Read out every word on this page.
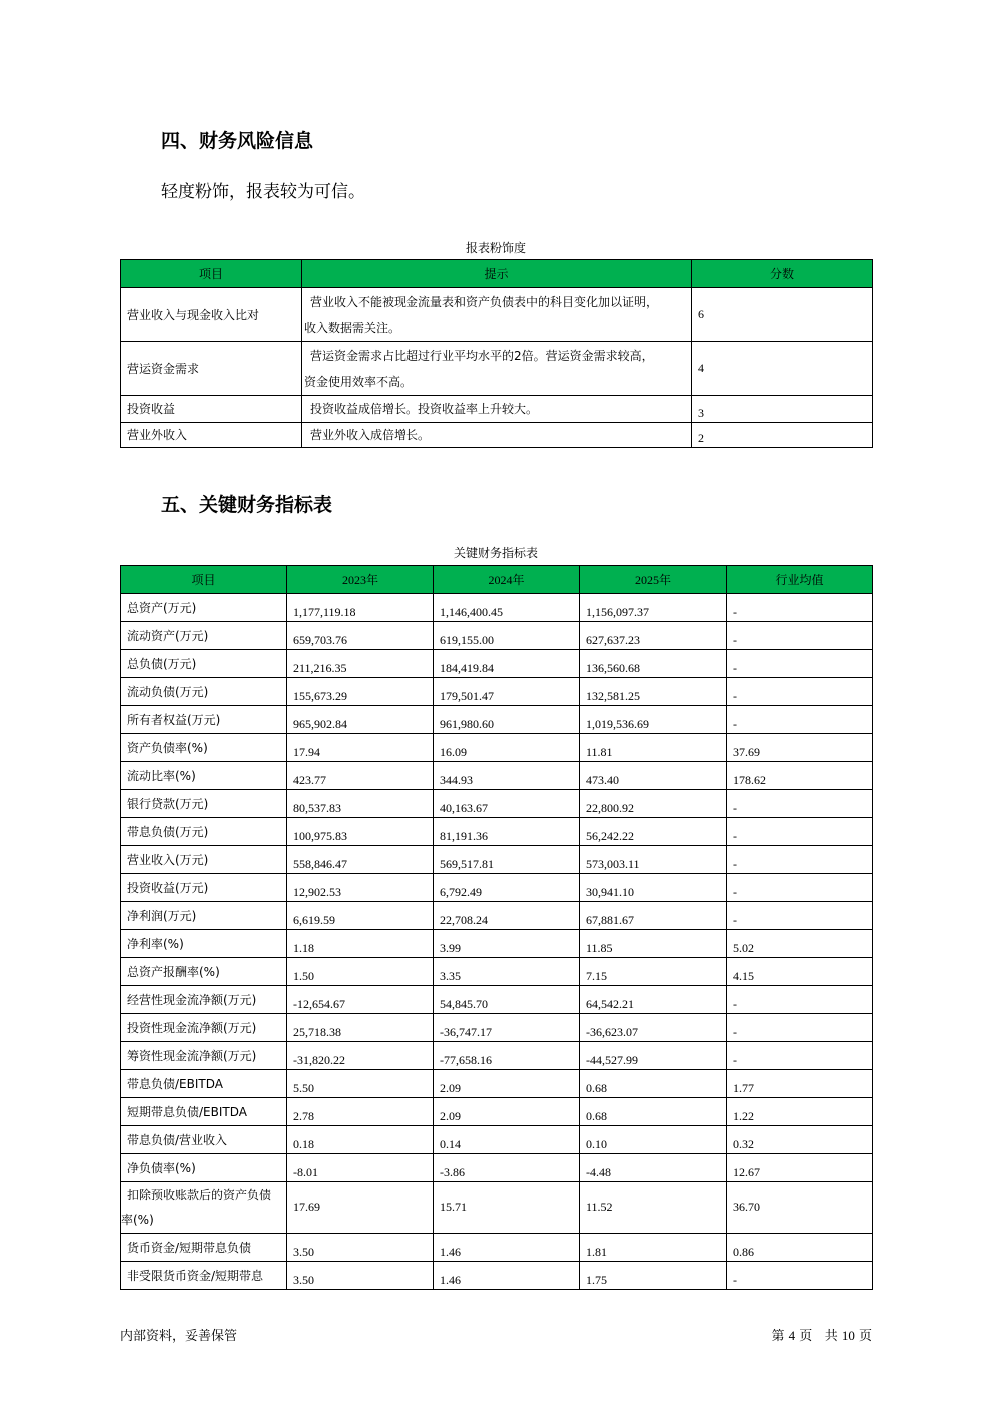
四、财务风险信息

轻度粉饰，报表较为可信。

报表粉饰度
项目	提示	分数
营业收入与现金收入比对	营业收入不能被现金流量表和资产负债表中的科目变化加以证明，
收入数据需关注。	6
营运资金需求	营运资金需求占比超过行业平均水平的2倍。营运资金需求较高，
资金使用效率不高。	4
投资收益	投资收益成倍增长。投资收益率上升较大。	3
营业外收入	营业外收入成倍增长。	2
五、关键财务指标表
关键财务指标表
项目	2023年	2024年	2025年	行业均值
总资产(万元)	1,177,119.18	1,146,400.45	1,156,097.37	-
流动资产(万元)	659,703.76	619,155.00	627,637.23	-
总负债(万元)	211,216.35	184,419.84	136,560.68	-
流动负债(万元)	155,673.29	179,501.47	132,581.25	-
所有者权益(万元)	965,902.84	961,980.60	1,019,536.69	-
资产负债率(%)	17.94	16.09	11.81	37.69
流动比率(%)	423.77	344.93	473.40	178.62
银行贷款(万元)	80,537.83	40,163.67	22,800.92	-
带息负债(万元)	100,975.83	81,191.36	56,242.22	-
营业收入(万元)	558,846.47	569,517.81	573,003.11	-
投资收益(万元)	12,902.53	6,792.49	30,941.10	-
净利润(万元)	6,619.59	22,708.24	67,881.67	-
净利率(%)	1.18	3.99	11.85	5.02
总资产报酬率(%)	1.50	3.35	7.15	4.15
经营性现金流净额(万元)	-12,654.67	54,845.70	64,542.21	-
投资性现金流净额(万元)	25,718.38	-36,747.17	-36,623.07	-
筹资性现金流净额(万元)	-31,820.22	-77,658.16	-44,527.99	-
带息负债/EBITDA	5.50	2.09	0.68	1.77
短期带息负债/EBITDA	2.78	2.09	0.68	1.22
带息负债/营业收入	0.18	0.14	0.10	0.32
净负债率(%)	-8.01	-3.86	-4.48	12.67

扣除预收账款后的资产负债
率(%)	17.69	15.71	11.52	36.70
货币资金/短期带息负债	3.50	1.46	1.81	0.86
非受限货币资金/短期带息	3.50	1.46	1.75	-
内部资料，妥善保管	第 4 页 共 10 页
